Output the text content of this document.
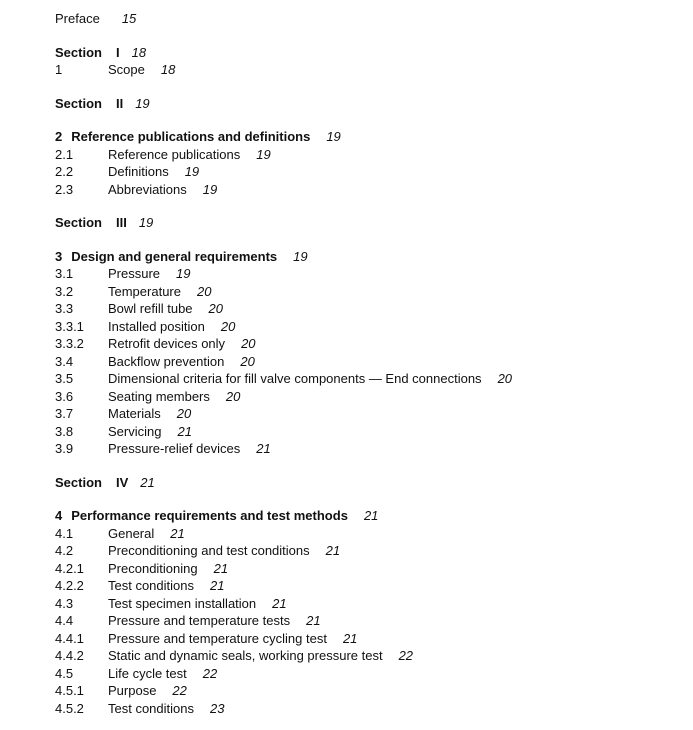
Preface 15
Section I 18
1	Scope 18
Section II 19
2 Reference publications and definitions 19
2.1	Reference publications 19
2.2	Definitions 19
2.3	Abbreviations 19
Section III 19
3 Design and general requirements 19
3.1	Pressure 19
3.2	Temperature 20
3.3	Bowl refill tube 20
3.3.1 Installed position 20
3.3.2 Retrofit devices only 20
3.4	Backflow prevention 20
3.5	Dimensional criteria for fill valve components — End connections 20
3.6	Seating members 20
3.7	Materials 20
3.8	Servicing 21
3.9	Pressure-relief devices 21
Section IV 21
4 Performance requirements and test methods 21
4.1	General 21
4.2	Preconditioning and test conditions 21
4.2.1 Preconditioning 21
4.2.2 Test conditions 21
4.3	Test specimen installation 21
4.4	Pressure and temperature tests 21
4.4.1 Pressure and temperature cycling test 21
4.4.2 Static and dynamic seals, working pressure test 22
4.5	Life cycle test 22
4.5.1 Purpose 22
4.5.2 Test conditions 23
